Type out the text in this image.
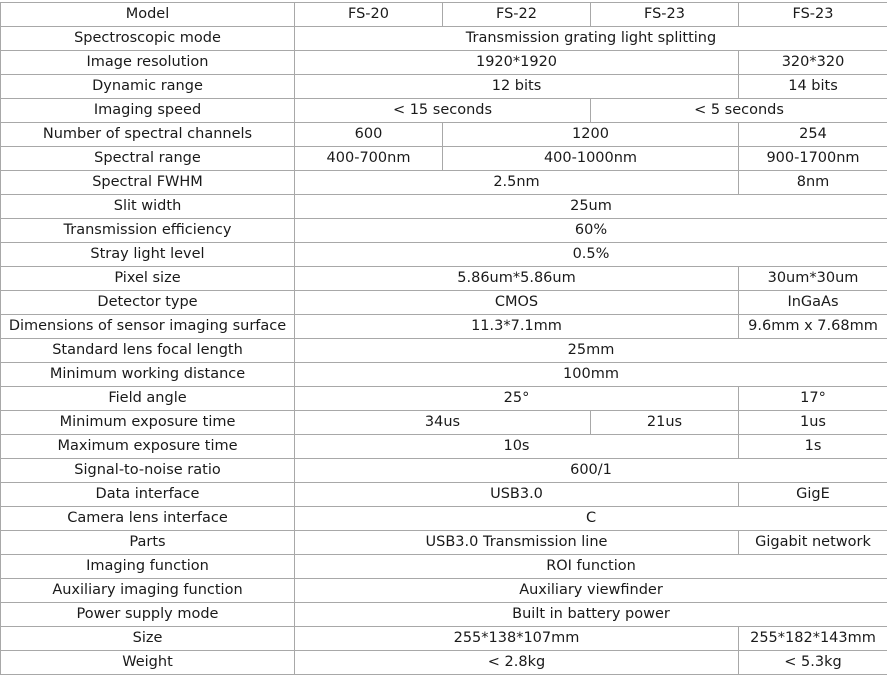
Model	FS-20	FS-22	FS-23	FS-23
Spectroscopic mode	Transmission grating light splitting			
Image resolution	1920*1920			320*320
Dynamic range	12 bits			14 bits
Imaging speed	< 15 seconds		< 5 seconds	
Number of spectral channels	600	1200		254
Spectral range	400-700nm	400-1000nm		900-1700nm
Spectral FWHM	2.5nm			8nm
Slit width	25um			
Transmission efficiency	60%			
Stray light level	0.5%			
Pixel size	5.86um*5.86um			30um*30um
Detector type	CMOS			InGaAs
Dimensions of sensor imaging surface	11.3*7.1mm			9.6mm x 7.68mm
Standard lens focal length	25mm			
Minimum working distance	100mm			
Field angle	25°			17°
Minimum exposure time	34us		21us	1us
Maximum exposure time	10s			1s
Signal-to-noise ratio	600/1			
Data interface	USB3.0			GigE
Camera lens interface	C			
Parts	USB3.0 Transmission line			Gigabit network
Imaging function	ROI function			
Auxiliary imaging function	Auxiliary viewfinder			
Power supply mode	Built in battery power			
Size	255*138*107mm			255*182*143mm
Weight	< 2.8kg			< 5.3kg
